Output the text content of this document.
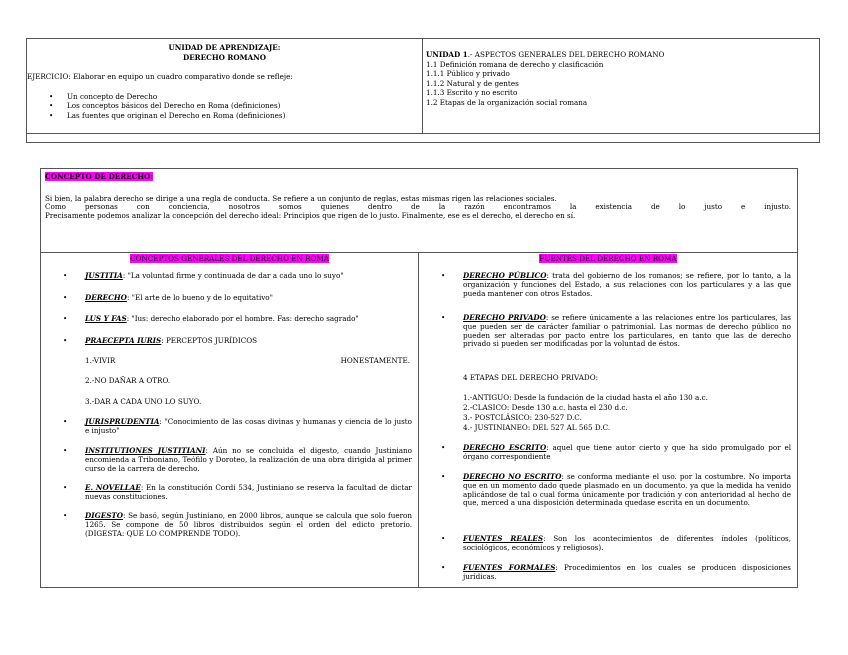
UNIDAD DE APRENDIZAJE:
DERECHO ROMANO
EJERCICIO: Elaborar en equipo un cuadro comparativo donde se refleje:
• Un concepto de Derecho
• Los conceptos básicos del Derecho en Roma (definiciones)
• Las fuentes que originan el Derecho en Roma (definiciones)
UNIDAD 1.- ASPECTOS GENERALES DEL DERECHO ROMANO
1.1 Definición romana de derecho y clasificación
1.1.1 Público y privado
1.1.2 Natural y de gentes
1.1.3 Escrito y no escrito
1.2 Etapas de la organización social romana
CONCEPTO DE DERECHO:
Si bien, la palabra derecho se dirige a una regla de conducta. Se refiere a un conjunto de reglas, estas mismas rigen las relaciones sociales.
Como personas con conciencia, nosotros somos quienes dentro de la razón encontramos la existencia de lo justo e injusto.
Precisamente podemos analizar la concepción del derecho ideal: Principios que rigen de lo justo. Finalmente, ese es el derecho, el derecho en sí.
CONCEPTOS GENERALES DEL DERECHO EN ROMA
• JUSTITIA: "La voluntad firme y continuada de dar a cada uno lo suyo"
• DERECHO: "El arte de lo bueno y de lo equitativo"
• LUS Y FAS: "Ius: derecho elaborado por el hombre. Fas: derecho sagrado"
• PRAECEPTA IURIS: PERCEPTOS JURÍDICOS
1.-VIVIR	HONESTAMENTE.
2.-NO DAÑAR A OTRO.
3.-DAR A CADA UNO LO SUYO.
• JURISPRUDENTIA: "Conocimiento de las cosas divinas y humanas y ciencia de lo justo e injusto"
• INSTITUTIONES JUSTITIANI: Aún no se concluida el digesto, cuando Justiniano encomienda a Triboniano, Teófilo y Doroteo, la realización de una obra dirigida al primer curso de la carrera de derecho.
• E. NOVELLAE: En la constitución Cordi 534, Justiniano se reserva la facultad de dictar nuevas constituciones.
• DIGESTO: Se basó, según Justiniano, en 2000 libros, aunque se calcula que solo fueron 1265. Se compone de 50 libros distribuidos según el orden del edicto pretorio. (DIGESTA: QUE LO COMPRENDE TODO).
FUENTES DEL DERECHO EN ROMA
• DERECHO PÚBLICO: trata del gobierno de los romanos; se refiere, por lo tanto, a la organización y funciones del Estado, a sus relaciones con los particulares y a las que pueda mantener con otros Estados.
• DERECHO PRIVADO: se refiere únicamente a las relaciones entre los particulares, las que pueden ser de carácter familiar o patrimonial. Las normas de derecho público no pueden ser alteradas por pacto entre los particulares, en tanto que las de derecho privado si pueden ser modificadas por la voluntad de éstos.
4 ETAPAS DEL DERECHO PRIVADO:
1.-ANTIGUO: Desde la fundación de la ciudad hasta el año 130 a.c.
2.-CLASICO: Desde 130 a.c. hasta el 230 d.c.
3.- POSTCLÁSICO: 230-527 D.C.
4.- JUSTINIANEO: DEL 527 AL 565 D.C.
• DERECHO ESCRITO: aquel que tiene autor cierto y que ha sido promulgado por el órgano correspondiente
• DERECHO NO ESCRITO: se conforma mediante el uso. por la costumbre. No importa que en un momento dado quede plasmado en un documento. ya que la medida ha venido aplicándose de tal o cual forma únicamente por tradición y con anterioridad al hecho de que, merced a una disposición determinada quedase escrita en un documento.
• FUENTES REALES: Son los acontecimientos de diferentes índoles (políticos, sociológicos, económicos y religiosos).
• FUENTES FORMALES: Procedimientos en los cuales se producen disposiciones jurídicas.
